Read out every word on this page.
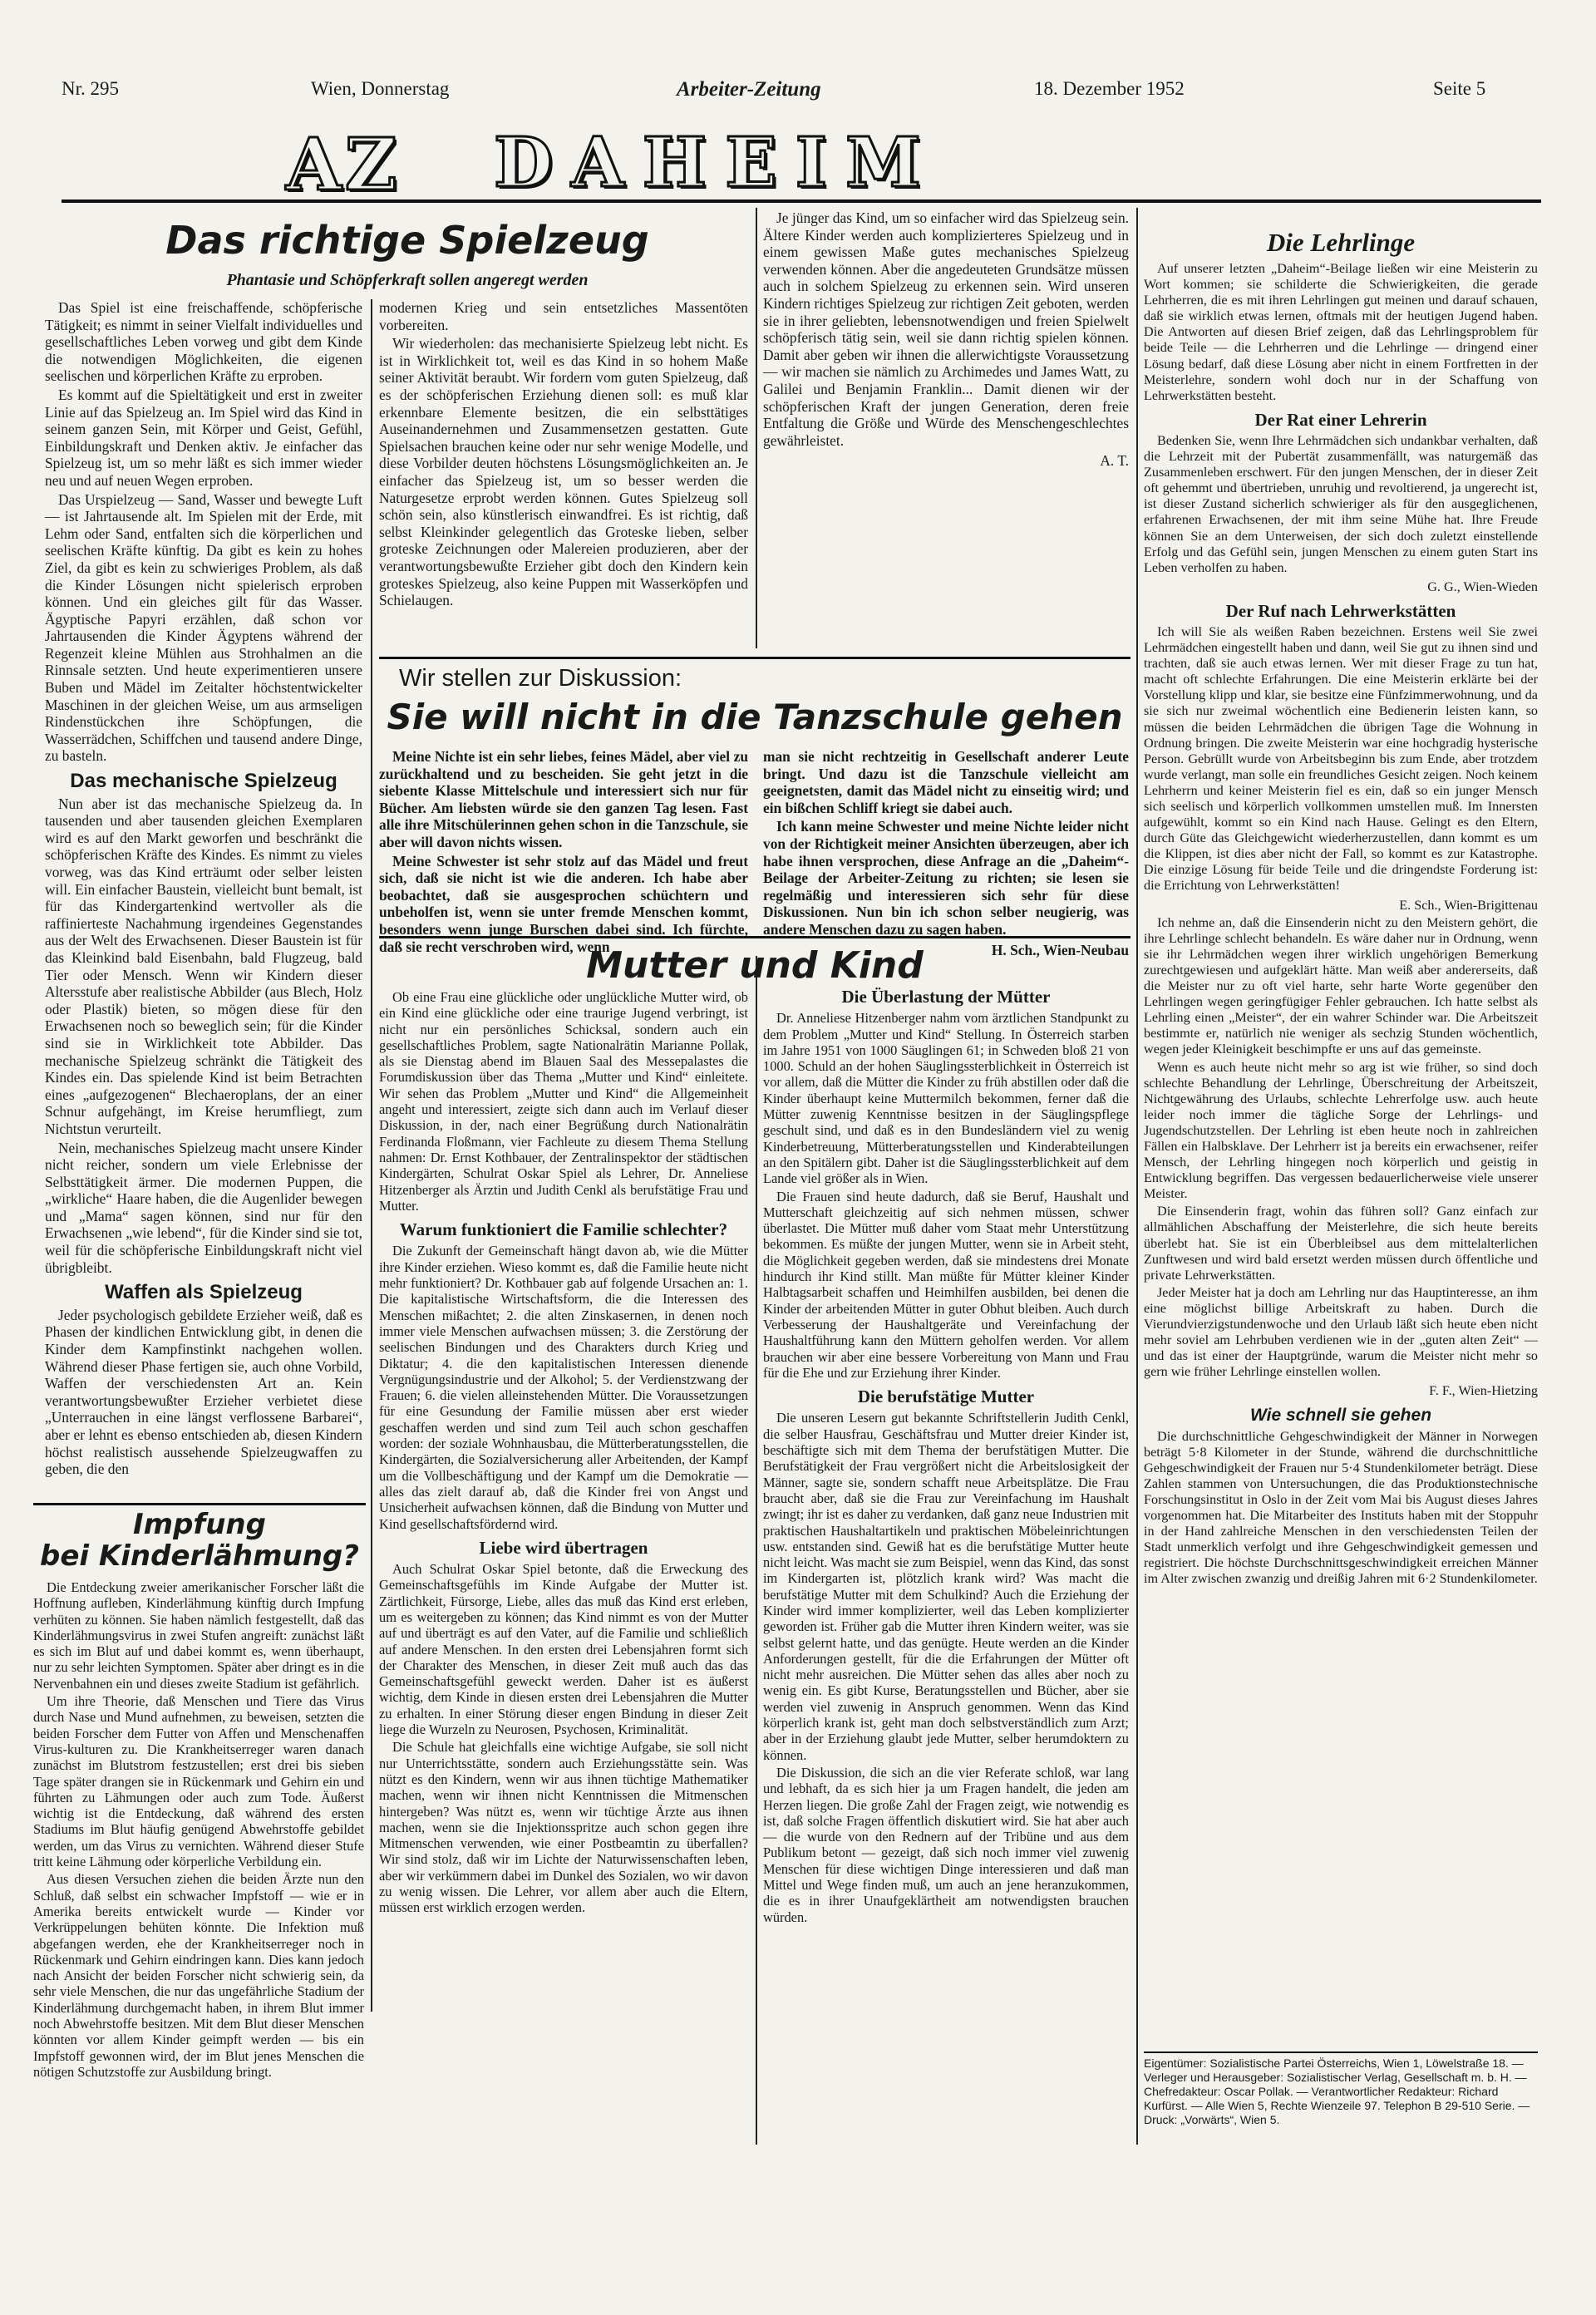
Nr. 295	Wien, Donnerstag	Arbeiter-Zeitung	18. Dezember 1952	Seite 5
AZ DAHEIM
Das richtige Spielzeug
Phantasie und Schöpferkraft sollen angeregt werden

Das Spiel ist eine freischaffende, schöpferische Tätigkeit; es nimmt in seiner Vielfalt individuelles und gesellschaftliches Leben vorweg und gibt dem Kinde die notwendigen Möglichkeiten, die eigenen seelischen und körperlichen Kräfte zu erproben.

Es kommt auf die Spieltätigkeit und erst in zweiter Linie auf das Spielzeug an. Im Spiel wird das Kind in seinem ganzen Sein, mit Körper und Geist, Gefühl, Einbildungskraft und Denken aktiv. Je einfacher das Spielzeug ist, um so mehr läßt es sich immer wieder neu und auf neuen Wegen erproben.

Das Urspielzeug — Sand, Wasser und bewegte Luft — ist Jahrtausende alt. Im Spielen mit der Erde, mit Lehm oder Sand, entfalten sich die körperlichen und seelischen Kräfte künftig. Da gibt es kein zu hohes Ziel, da gibt es kein zu schwieriges Problem, als daß die Kinder Lösungen nicht spielerisch erproben können. Und ein gleiches gilt für das Wasser. Ägyptische Papyri erzählen, daß schon vor Jahrtausenden die Kinder Ägyptens während der Regenzeit kleine Mühlen aus Strohhalmen an die Rinnsale setzten. Und heute experimentieren unsere Buben und Mädel im Zeitalter höchstentwickelter Maschinen in der gleichen Weise, um aus armseligen Rindenstückchen ihre Schöpfungen, die Wasserrädchen, Schiffchen und tausend andere Dinge, zu basteln.

Das mechanische Spielzeug

Nun aber ist das mechanische Spielzeug da. In tausenden und aber tausenden gleichen Exemplaren wird es auf den Markt geworfen und beschränkt die schöpferischen Kräfte des Kindes. Es nimmt zu vieles vorweg, was das Kind erträumt oder selber leisten will. Ein einfacher Baustein, vielleicht bunt bemalt, ist für das Kindergartenkind wertvoller als die raffinierteste Nachahmung irgendeines Gegenstandes aus der Welt des Erwachsenen. Dieser Baustein ist für das Kleinkind bald Eisenbahn, bald Flugzeug, bald Tier oder Mensch. Wenn wir Kindern dieser Altersstufe aber realistische Abbilder (aus Blech, Holz oder Plastik) bieten, so mögen diese für den Erwachsenen noch so beweglich sein; für die Kinder sind sie in Wirklichkeit tote Abbilder. Das mechanische Spielzeug schränkt die Tätigkeit des Kindes ein. Das spielende Kind ist beim Betrachten eines „aufgezogenen“ Blechaeroplans, der an einer Schnur aufgehängt, im Kreise herumfliegt, zum Nichtstun verurteilt.

Nein, mechanisches Spielzeug macht unsere Kinder nicht reicher, sondern um viele Erlebnisse der Selbsttätigkeit ärmer. Die modernen Puppen, die „wirkliche“ Haare haben, die die Augenlider bewegen und „Mama“ sagen können, sind nur für den Erwachsenen „wie lebend“, für die Kinder sind sie tot, weil für die schöpferische Einbildungskraft nicht viel übrigbleibt.

Waffen als Spielzeug

Jeder psychologisch gebildete Erzieher weiß, daß es Phasen der kindlichen Entwicklung gibt, in denen die Kinder dem Kampfinstinkt nachgehen wollen. Während dieser Phase fertigen sie, auch ohne Vorbild, Waffen der verschiedensten Art an. Kein verantwortungsbewußter Erzieher verbietet diese „Unterrauchen in eine längst verflossene Barbarei“, aber er lehnt es ebenso entschieden ab, diesen Kindern höchst realistisch aussehende Spielzeugwaffen zu geben, die den

modernen Krieg und sein entsetzliches Massentöten vorbereiten.

Wir wiederholen: das mechanisierte Spielzeug lebt nicht. Es ist in Wirklichkeit tot, weil es das Kind in so hohem Maße seiner Aktivität beraubt. Wir fordern vom guten Spielzeug, daß es der schöpferischen Erziehung dienen soll: es muß klar erkennbare Elemente besitzen, die ein selbsttätiges Auseinandernehmen und Zusammensetzen gestatten. Gute Spielsachen brauchen keine oder nur sehr wenige Modelle, und diese Vorbilder deuten höchstens Lösungsmöglichkeiten an. Je einfacher das Spielzeug ist, um so besser werden die Naturgesetze erprobt werden können. Gutes Spielzeug soll schön sein, also künstlerisch einwandfrei. Es ist richtig, daß selbst Kleinkinder gelegentlich das Groteske lieben, selber groteske Zeichnungen oder Malereien produzieren, aber der verantwortungsbewußte Erzieher gibt doch den Kindern kein groteskes Spielzeug, also keine Puppen mit Wasserköpfen und Schielaugen.

Je jünger das Kind, um so einfacher wird das Spielzeug sein. Ältere Kinder werden auch komplizierteres Spielzeug und in einem gewissen Maße gutes mechanisches Spielzeug verwenden können. Aber die angedeuteten Grundsätze müssen auch in solchem Spielzeug zu erkennen sein. Wird unseren Kindern richtiges Spielzeug zur richtigen Zeit geboten, werden sie in ihrer geliebten, lebensnotwendigen und freien Spielwelt schöpferisch tätig sein, weil sie dann richtig spielen können. Damit aber geben wir ihnen die allerwichtigste Voraussetzung — wir machen sie nämlich zu Archimedes und James Watt, zu Galilei und Benjamin Franklin... Damit dienen wir der schöpferischen Kraft der jungen Generation, deren freie Entfaltung die Größe und Würde des Menschengeschlechtes gewährleistet.

A. T.

Wir stellen zur Diskussion:
Sie will nicht in die Tanzschule gehen

Meine Nichte ist ein sehr liebes, feines Mädel, aber viel zu zurückhaltend und zu bescheiden. Sie geht jetzt in die siebente Klasse Mittelschule und interessiert sich nur für Bücher. Am liebsten würde sie den ganzen Tag lesen. Fast alle ihre Mitschülerinnen gehen schon in die Tanzschule, sie aber will davon nichts wissen.

Meine Schwester ist sehr stolz auf das Mädel und freut sich, daß sie nicht ist wie die anderen. Ich habe aber beobachtet, daß sie ausgesprochen schüchtern und unbeholfen ist, wenn sie unter fremde Menschen kommt, besonders wenn junge Burschen dabei sind. Ich fürchte, daß sie recht verschroben wird, wenn

man sie nicht rechtzeitig in Gesellschaft anderer Leute bringt. Und dazu ist die Tanzschule vielleicht am geeignetsten, damit das Mädel nicht zu einseitig wird; und ein bißchen Schliff kriegt sie dabei auch.

Ich kann meine Schwester und meine Nichte leider nicht von der Richtigkeit meiner Ansichten überzeugen, aber ich habe ihnen versprochen, diese Anfrage an die „Daheim“-Beilage der Arbeiter-Zeitung zu richten; sie lesen sie regelmäßig und interessieren sich sehr für diese Diskussionen. Nun bin ich schon selber neugierig, was andere Menschen dazu zu sagen haben.

H. Sch., Wien-Neubau

Mutter und Kind

Ob eine Frau eine glückliche oder unglückliche Mutter wird, ob ein Kind eine glückliche oder eine traurige Jugend verbringt, ist nicht nur ein persönliches Schicksal, sondern auch ein gesellschaftliches Problem, sagte Nationalrätin Marianne Pollak, als sie Dienstag abend im Blauen Saal des Messepalastes die Forumdiskussion über das Thema „Mutter und Kind“ einleitete. Wir sehen das Problem „Mutter und Kind“ die Allgemeinheit angeht und interessiert, zeigte sich dann auch im Verlauf dieser Diskussion, in der, nach einer Begrüßung durch Nationalrätin Ferdinanda Floßmann, vier Fachleute zu diesem Thema Stellung nahmen: Dr. Ernst Kothbauer, der Zentralinspektor der städtischen Kindergärten, Schulrat Oskar Spiel als Lehrer, Dr. Anneliese Hitzenberger als Ärztin und Judith Cenkl als berufstätige Frau und Mutter.

Warum funktioniert die Familie schlechter?

Die Zukunft der Gemeinschaft hängt davon ab, wie die Mütter ihre Kinder erziehen. Wieso kommt es, daß die Familie heute nicht mehr funktioniert? Dr. Kothbauer gab auf folgende Ursachen an: 1. Die kapitalistische Wirtschaftsform, die die Interessen des Menschen mißachtet; 2. die alten Zinskasernen, in denen noch immer viele Menschen aufwachsen müssen; 3. die Zerstörung der seelischen Bindungen und des Charakters durch Krieg und Diktatur; 4. die den kapitalistischen Interessen dienende Vergnügungsindustrie und der Alkohol; 5. der Verdienstzwang der Frauen; 6. die vielen alleinstehenden Mütter. Die Voraussetzungen für eine Gesundung der Familie müssen aber erst wieder geschaffen werden und sind zum Teil auch schon geschaffen worden: der soziale Wohnhausbau, die Mütterberatungsstellen, die Kindergärten, die Sozialversicherung aller Arbeitenden, der Kampf um die Vollbeschäftigung und der Kampf um die Demokratie — alles das zielt darauf ab, daß die Kinder frei von Angst und Unsicherheit aufwachsen können, daß die Bindung von Mutter und Kind gesellschaftsfördernd wird.

Liebe wird übertragen

Auch Schulrat Oskar Spiel betonte, daß die Erweckung des Gemeinschaftsgefühls im Kinde Aufgabe der Mutter ist. Zärtlichkeit, Fürsorge, Liebe, alles das muß das Kind erst erleben, um es weitergeben zu können; das Kind nimmt es von der Mutter auf und überträgt es auf den Vater, auf die Familie und schließlich auf andere Menschen. In den ersten drei Lebensjahren formt sich der Charakter des Menschen, in dieser Zeit muß auch das das Gemeinschaftsgefühl geweckt werden. Daher ist es äußerst wichtig, dem Kinde in diesen ersten drei Lebensjahren die Mutter zu erhalten. In einer Störung dieser engen Bindung in dieser Zeit liege die Wurzeln zu Neurosen, Psychosen, Kriminalität.

Die Schule hat gleichfalls eine wichtige Aufgabe, sie soll nicht nur Unterrichtsstätte, sondern auch Erziehungsstätte sein. Was nützt es den Kindern, wenn wir aus ihnen tüchtige Mathematiker machen, wenn wir ihnen nicht Kenntnissen die Mitmenschen hintergeben? Was nützt es, wenn wir tüchtige Ärzte aus ihnen machen, wenn sie die Injektionsspritze auch schon gegen ihre Mitmenschen verwenden, wie einer Postbeamtin zu überfallen? Wir sind stolz, daß wir im Lichte der Naturwissenschaften leben, aber wir verkümmern dabei im Dunkel des Sozialen, wo wir davon zu wenig wissen. Die Lehrer, vor allem aber auch die Eltern, müssen erst wirklich erzogen werden.

Die Überlastung der Mütter

Dr. Anneliese Hitzenberger nahm vom ärztlichen Standpunkt zu dem Problem „Mutter und Kind“ Stellung. In Österreich starben im Jahre 1951 von 1000 Säuglingen 61; in Schweden bloß 21 von 1000. Schuld an der hohen Säuglingssterblichkeit in Österreich ist vor allem, daß die Mütter die Kinder zu früh abstillen oder daß die Kinder überhaupt keine Muttermilch bekommen, ferner daß die Mütter zuwenig Kenntnisse besitzen in der Säuglingspflege geschult sind, und daß es in den Bundesländern viel zu wenig Kinderbetreuung, Mütterberatungsstellen und Kinderabteilungen an den Spitälern gibt. Daher ist die Säuglingssterblichkeit auf dem Lande viel größer als in Wien.

Die Frauen sind heute dadurch, daß sie Beruf, Haushalt und Mutterschaft gleichzeitig auf sich nehmen müssen, schwer überlastet. Die Mütter muß daher vom Staat mehr Unterstützung bekommen. Es müßte der jungen Mutter, wenn sie in Arbeit steht, die Möglichkeit gegeben werden, daß sie mindestens drei Monate hindurch ihr Kind stillt. Man müßte für Mütter kleiner Kinder Halbtagsarbeit schaffen und Heimhilfen ausbilden, bei denen die Kinder der arbeitenden Mütter in guter Obhut bleiben. Auch durch Verbesserung der Haushaltgeräte und Vereinfachung der Haushaltführung kann den Müttern geholfen werden. Vor allem brauchen wir aber eine bessere Vorbereitung von Mann und Frau für die Ehe und zur Erziehung ihrer Kinder.

Die berufstätige Mutter

Die unseren Lesern gut bekannte Schriftstellerin Judith Cenkl, die selber Hausfrau, Geschäftsfrau und Mutter dreier Kinder ist, beschäftigte sich mit dem Thema der berufstätigen Mutter. Die Berufstätigkeit der Frau vergrößert nicht die Arbeitslosigkeit der Männer, sagte sie, sondern schafft neue Arbeitsplätze. Die Frau braucht aber, daß sie die Frau zur Vereinfachung im Haushalt zwingt; ihr ist es daher zu verdanken, daß ganz neue Industrien mit praktischen Haushaltartikeln und praktischen Möbeleinrichtungen usw. entstanden sind. Gewiß hat es die berufstätige Mutter heute nicht leicht. Was macht sie zum Beispiel, wenn das Kind, das sonst im Kindergarten ist, plötzlich krank wird? Was macht die berufstätige Mutter mit dem Schulkind? Auch die Erziehung der Kinder wird immer komplizierter, weil das Leben komplizierter geworden ist. Früher gab die Mutter ihren Kindern weiter, was sie selbst gelernt hatte, und das genügte. Heute werden an die Kinder Anforderungen gestellt, für die die Erfahrungen der Mütter oft nicht mehr ausreichen. Die Mütter sehen das alles aber noch zu wenig ein. Es gibt Kurse, Beratungsstellen und Bücher, aber sie werden viel zuwenig in Anspruch genommen. Wenn das Kind körperlich krank ist, geht man doch selbstverständlich zum Arzt; aber in der Erziehung glaubt jede Mutter, selber herumdoktern zu können.

Die Diskussion, die sich an die vier Referate schloß, war lang und lebhaft, da es sich hier ja um Fragen handelt, die jeden am Herzen liegen. Die große Zahl der Fragen zeigt, wie notwendig es ist, daß solche Fragen öffentlich diskutiert wird. Sie hat aber auch — die wurde von den Rednern auf der Tribüne und aus dem Publikum betont — gezeigt, daß sich noch immer viel zuwenig Menschen für diese wichtigen Dinge interessieren und daß man Mittel und Wege finden muß, um auch an jene heranzukommen, die es in ihrer Unaufgeklärtheit am notwendigsten brauchen würden.

Impfung
bei Kinderlähmung?

Die Entdeckung zweier amerikanischer Forscher läßt die Hoffnung aufleben, Kinderlähmung künftig durch Impfung verhüten zu können. Sie haben nämlich festgestellt, daß das Kinderlähmungsvirus in zwei Stufen angreift: zunächst läßt es sich im Blut auf und dabei kommt es, wenn überhaupt, nur zu sehr leichten Symptomen. Später aber dringt es in die Nervenbahnen ein und dieses zweite Stadium ist gefährlich.

Um ihre Theorie, daß Menschen und Tiere das Virus durch Nase und Mund aufnehmen, zu beweisen, setzten die beiden Forscher dem Futter von Affen und Menschenaffen Virus-kulturen zu. Die Krankheitserreger waren danach zunächst im Blutstrom festzustellen; erst drei bis sieben Tage später drangen sie in Rückenmark und Gehirn ein und führten zu Lähmungen oder auch zum Tode. Äußerst wichtig ist die Entdeckung, daß während des ersten Stadiums im Blut häufig genügend Abwehrstoffe gebildet werden, um das Virus zu vernichten. Während dieser Stufe tritt keine Lähmung oder körperliche Verbildung ein.

Aus diesen Versuchen ziehen die beiden Ärzte nun den Schluß, daß selbst ein schwacher Impfstoff — wie er in Amerika bereits entwickelt wurde — Kinder vor Verkrüppelungen behüten könnte. Die Infektion muß abgefangen werden, ehe der Krankheitserreger noch in Rückenmark und Gehirn eindringen kann. Dies kann jedoch nach Ansicht der beiden Forscher nicht schwierig sein, da sehr viele Menschen, die nur das ungefährliche Stadium der Kinderlähmung durchgemacht haben, in ihrem Blut immer noch Abwehrstoffe besitzen. Mit dem Blut dieser Menschen könnten vor allem Kinder geimpft werden — bis ein Impfstoff gewonnen wird, der im Blut jenes Menschen die nötigen Schutzstoffe zur Ausbildung bringt.

Die Lehrlinge

Auf unserer letzten „Daheim“-Beilage ließen wir eine Meisterin zu Wort kommen; sie schilderte die Schwierigkeiten, die gerade Lehrherren, die es mit ihren Lehrlingen gut meinen und darauf schauen, daß sie wirklich etwas lernen, oftmals mit der heutigen Jugend haben. Die Antworten auf diesen Brief zeigen, daß das Lehrlingsproblem für beide Teile — die Lehrherren und die Lehrlinge — dringend einer Lösung bedarf, daß diese Lösung aber nicht in einem Fortfretten in der Meisterlehre, sondern wohl doch nur in der Schaffung von Lehrwerkstätten besteht.

Der Rat einer Lehrerin

Bedenken Sie, wenn Ihre Lehrmädchen sich undankbar verhalten, daß die Lehrzeit mit der Pubertät zusammenfällt, was naturgemäß das Zusammenleben erschwert. Für den jungen Menschen, der in dieser Zeit oft gehemmt und übertrieben, unruhig und revoltierend, ja ungerecht ist, ist dieser Zustand sicherlich schwieriger als für den ausgeglichenen, erfahrenen Erwachsenen, der mit ihm seine Mühe hat. Ihre Freude können Sie an dem Unterweisen, der sich doch zuletzt einstellende Erfolg und das Gefühl sein, jungen Menschen zu einem guten Start ins Leben verholfen zu haben.

G. G., Wien-Wieden

Der Ruf nach Lehrwerkstätten

Ich will Sie als weißen Raben bezeichnen. Erstens weil Sie zwei Lehrmädchen eingestellt haben und dann, weil Sie gut zu ihnen sind und trachten, daß sie auch etwas lernen. Wer mit dieser Frage zu tun hat, macht oft schlechte Erfahrungen. Die eine Meisterin erklärte bei der Vorstellung klipp und klar, sie besitze eine Fünfzimmerwohnung, und da sie sich nur zweimal wöchentlich eine Bedienerin leisten kann, so müssen die beiden Lehrmädchen die übrigen Tage die Wohnung in Ordnung bringen. Die zweite Meisterin war eine hochgradig hysterische Person. Gebrüllt wurde von Arbeitsbeginn bis zum Ende, aber trotzdem wurde verlangt, man solle ein freundliches Gesicht zeigen. Noch keinem Lehrherrn und keiner Meisterin fiel es ein, daß so ein junger Mensch sich seelisch und körperlich vollkommen umstellen muß. Im Innersten aufgewühlt, kommt so ein Kind nach Hause. Gelingt es den Eltern, durch Güte das Gleichgewicht wiederherzustellen, dann kommt es um die Klippen, ist dies aber nicht der Fall, so kommt es zur Katastrophe. Die einzige Lösung für beide Teile und die dringendste Forderung ist: die Errichtung von Lehrwerkstätten!

E. Sch., Wien-Brigittenau

Ich nehme an, daß die Einsenderin nicht zu den Meistern gehört, die ihre Lehrlinge schlecht behandeln. Es wäre daher nur in Ordnung, wenn sie ihr Lehrmädchen wegen ihrer wirklich ungehörigen Bemerkung zurechtgewiesen und aufgeklärt hätte. Man weiß aber andererseits, daß die Meister nur zu oft viel harte, sehr harte Worte gegenüber den Lehrlingen wegen geringfügiger Fehler gebrauchen. Ich hatte selbst als Lehrling einen „Meister“, der ein wahrer Schinder war. Die Arbeitszeit bestimmte er, natürlich nie weniger als sechzig Stunden wöchentlich, wegen jeder Kleinigkeit beschimpfte er uns auf das gemeinste.

Wenn es auch heute nicht mehr so arg ist wie früher, so sind doch schlechte Behandlung der Lehrlinge, Überschreitung der Arbeitszeit, Nichtgewährung des Urlaubs, schlechte Lehrerfolge usw. auch heute leider noch immer die tägliche Sorge der Lehrlings- und Jugendschutzstellen. Der Lehrling ist eben heute noch in zahlreichen Fällen ein Halbsklave. Der Lehrherr ist ja bereits ein erwachsener, reifer Mensch, der Lehrling hingegen noch körperlich und geistig in Entwicklung begriffen. Das vergessen bedauerlicherweise viele unserer Meister.

Die Einsenderin fragt, wohin das führen soll? Ganz einfach zur allmählichen Abschaffung der Meisterlehre, die sich heute bereits überlebt hat. Sie ist ein Überbleibsel aus dem mittelalterlichen Zunftwesen und wird bald ersetzt werden müssen durch öffentliche und private Lehrwerkstätten.

Jeder Meister hat ja doch am Lehrling nur das Hauptinteresse, an ihm eine möglichst billige Arbeitskraft zu haben. Durch die Vierundvierzigstundenwoche und den Urlaub läßt sich heute eben nicht mehr soviel am Lehrbuben verdienen wie in der „guten alten Zeit“ — und das ist einer der Hauptgründe, warum die Meister nicht mehr so gern wie früher Lehrlinge einstellen wollen.

F. F., Wien-Hietzing

Wie schnell sie gehen

Die durchschnittliche Gehgeschwindigkeit der Männer in Norwegen beträgt 5·8 Kilometer in der Stunde, während die durchschnittliche Gehgeschwindigkeit der Frauen nur 5·4 Stundenkilometer beträgt. Diese Zahlen stammen von Untersuchungen, die das Produktionstechnische Forschungsinstitut in Oslo in der Zeit vom Mai bis August dieses Jahres vorgenommen hat. Die Mitarbeiter des Instituts haben mit der Stoppuhr in der Hand zahlreiche Menschen in den verschiedensten Teilen der Stadt unmerklich verfolgt und ihre Gehgeschwindigkeit gemessen und registriert. Die höchste Durchschnittsgeschwindigkeit erreichen Männer im Alter zwischen zwanzig und dreißig Jahren mit 6·2 Stundenkilometer.

Eigentümer: Sozialistische Partei Österreichs, Wien 1, Löwelstraße 18. — Verleger und Herausgeber: Sozialistischer Verlag, Gesellschaft m. b. H. — Chefredakteur: Oscar Pollak. — Verantwortlicher Redakteur: Richard Kurfürst. — Alle Wien 5, Rechte Wienzeile 97. Telephon B 29-510 Serie. — Druck: „Vorwärts“, Wien 5.
